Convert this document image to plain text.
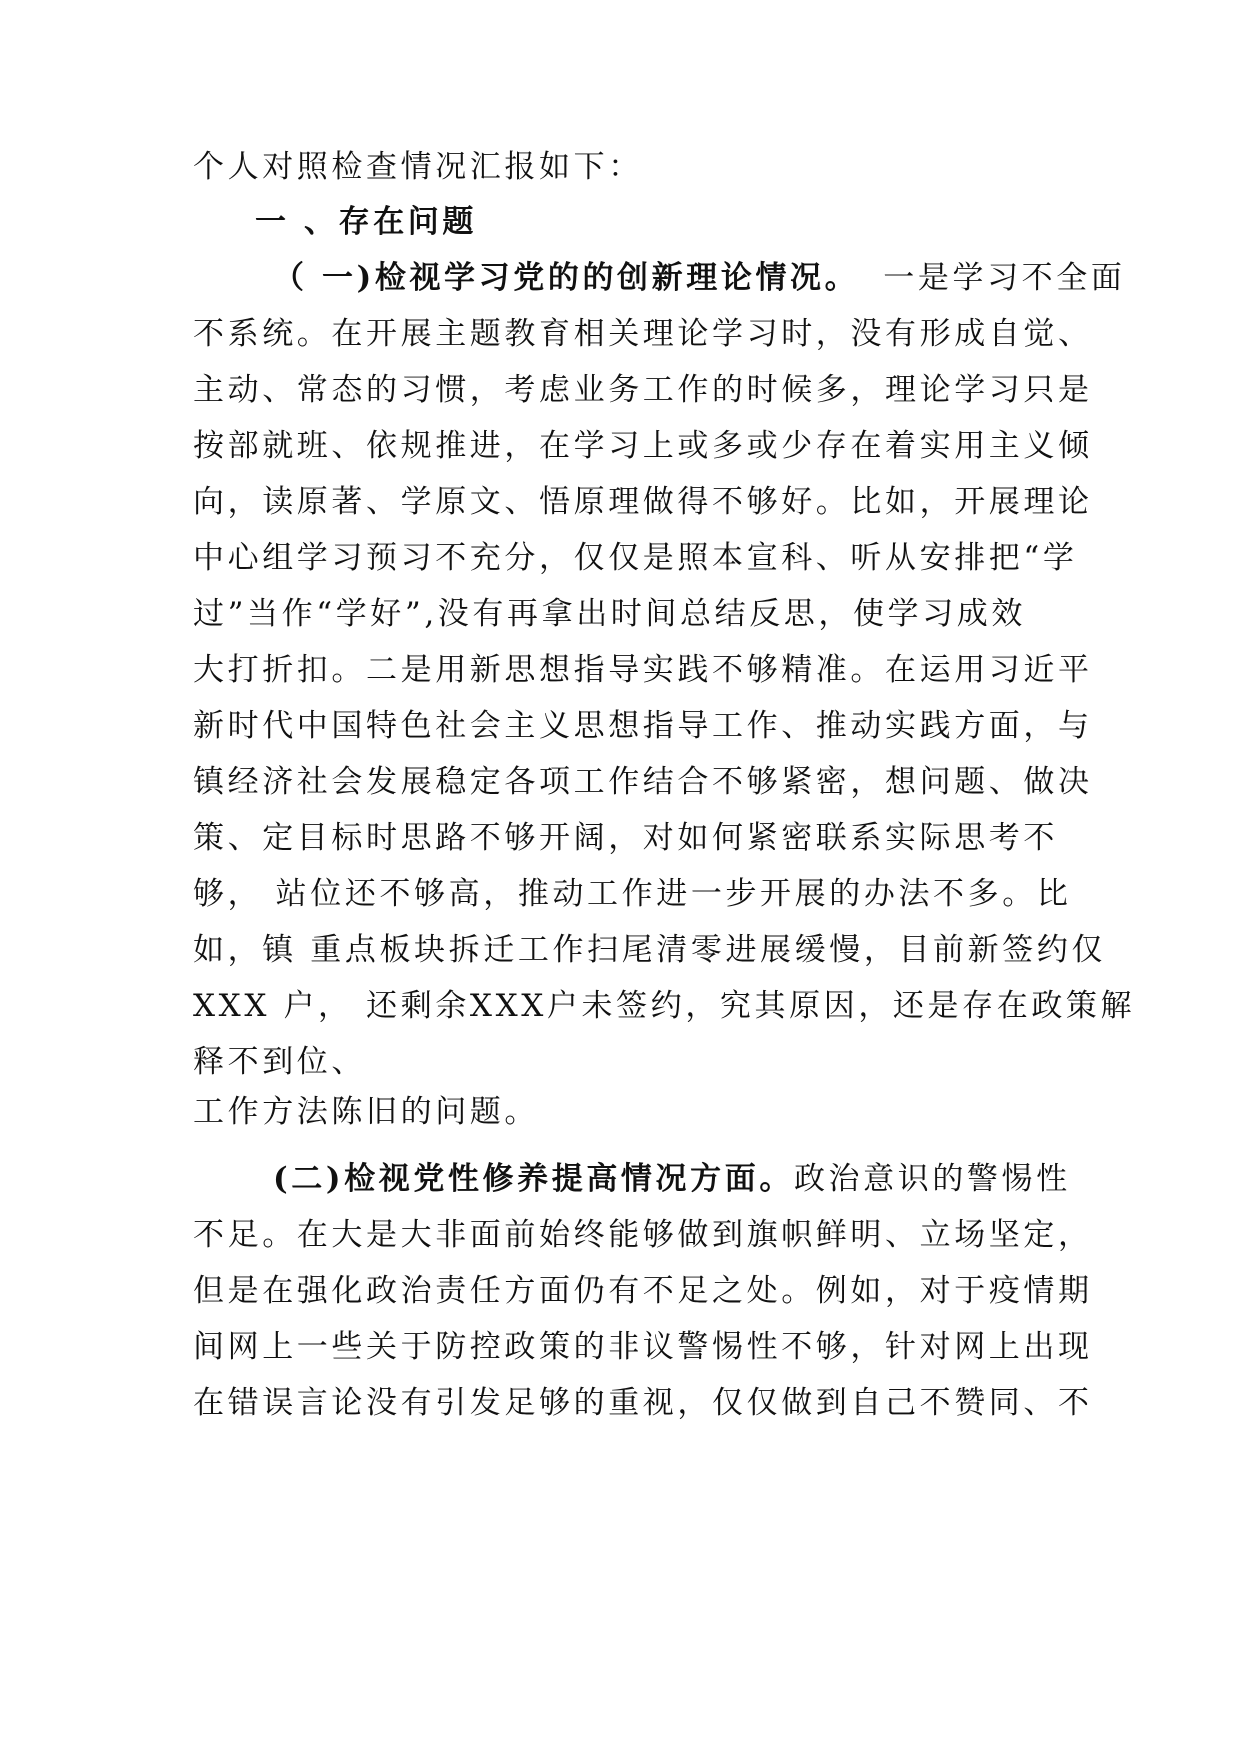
个人对照检查情况汇报如下：
一 、存在问题
（ 一)检视学习党的的创新理论情况。 一是学习不全面
不系统。在开展主题教育相关理论学习时，没有形成自觉、
主动、常态的习惯，考虑业务工作的时候多，理论学习只是
按部就班、依规推进，在学习上或多或少存在着实用主义倾
向，读原著、学原文、悟原理做得不够好。比如，开展理论
中心组学习预习不充分，仅仅是照本宣科、听从安排把“学
过”当作“学好”,没有再拿出时间总结反思，使学习成效
大打折扣。二是用新思想指导实践不够精准。在运用习近平
新时代中国特色社会主义思想指导工作、推动实践方面，与
镇经济社会发展稳定各项工作结合不够紧密，想问题、做决
策、定目标时思路不够开阔，对如何紧密联系实际思考不
够， 站位还不够高，推动工作进一步开展的办法不多。比
如，镇 重点板块拆迁工作扫尾清零进展缓慢，目前新签约仅
XXX 户， 还剩余XXX户未签约，究其原因，还是存在政策解
释不到位、
工作方法陈旧的问题。
(二)检视党性修养提高情况方面。政治意识的警惕性
不足。在大是大非面前始终能够做到旗帜鲜明、立场坚定，
但是在强化政治责任方面仍有不足之处。例如，对于疫情期
间网上一些关于防控政策的非议警惕性不够，针对网上出现
在错误言论没有引发足够的重视，仅仅做到自己不赞同、不
